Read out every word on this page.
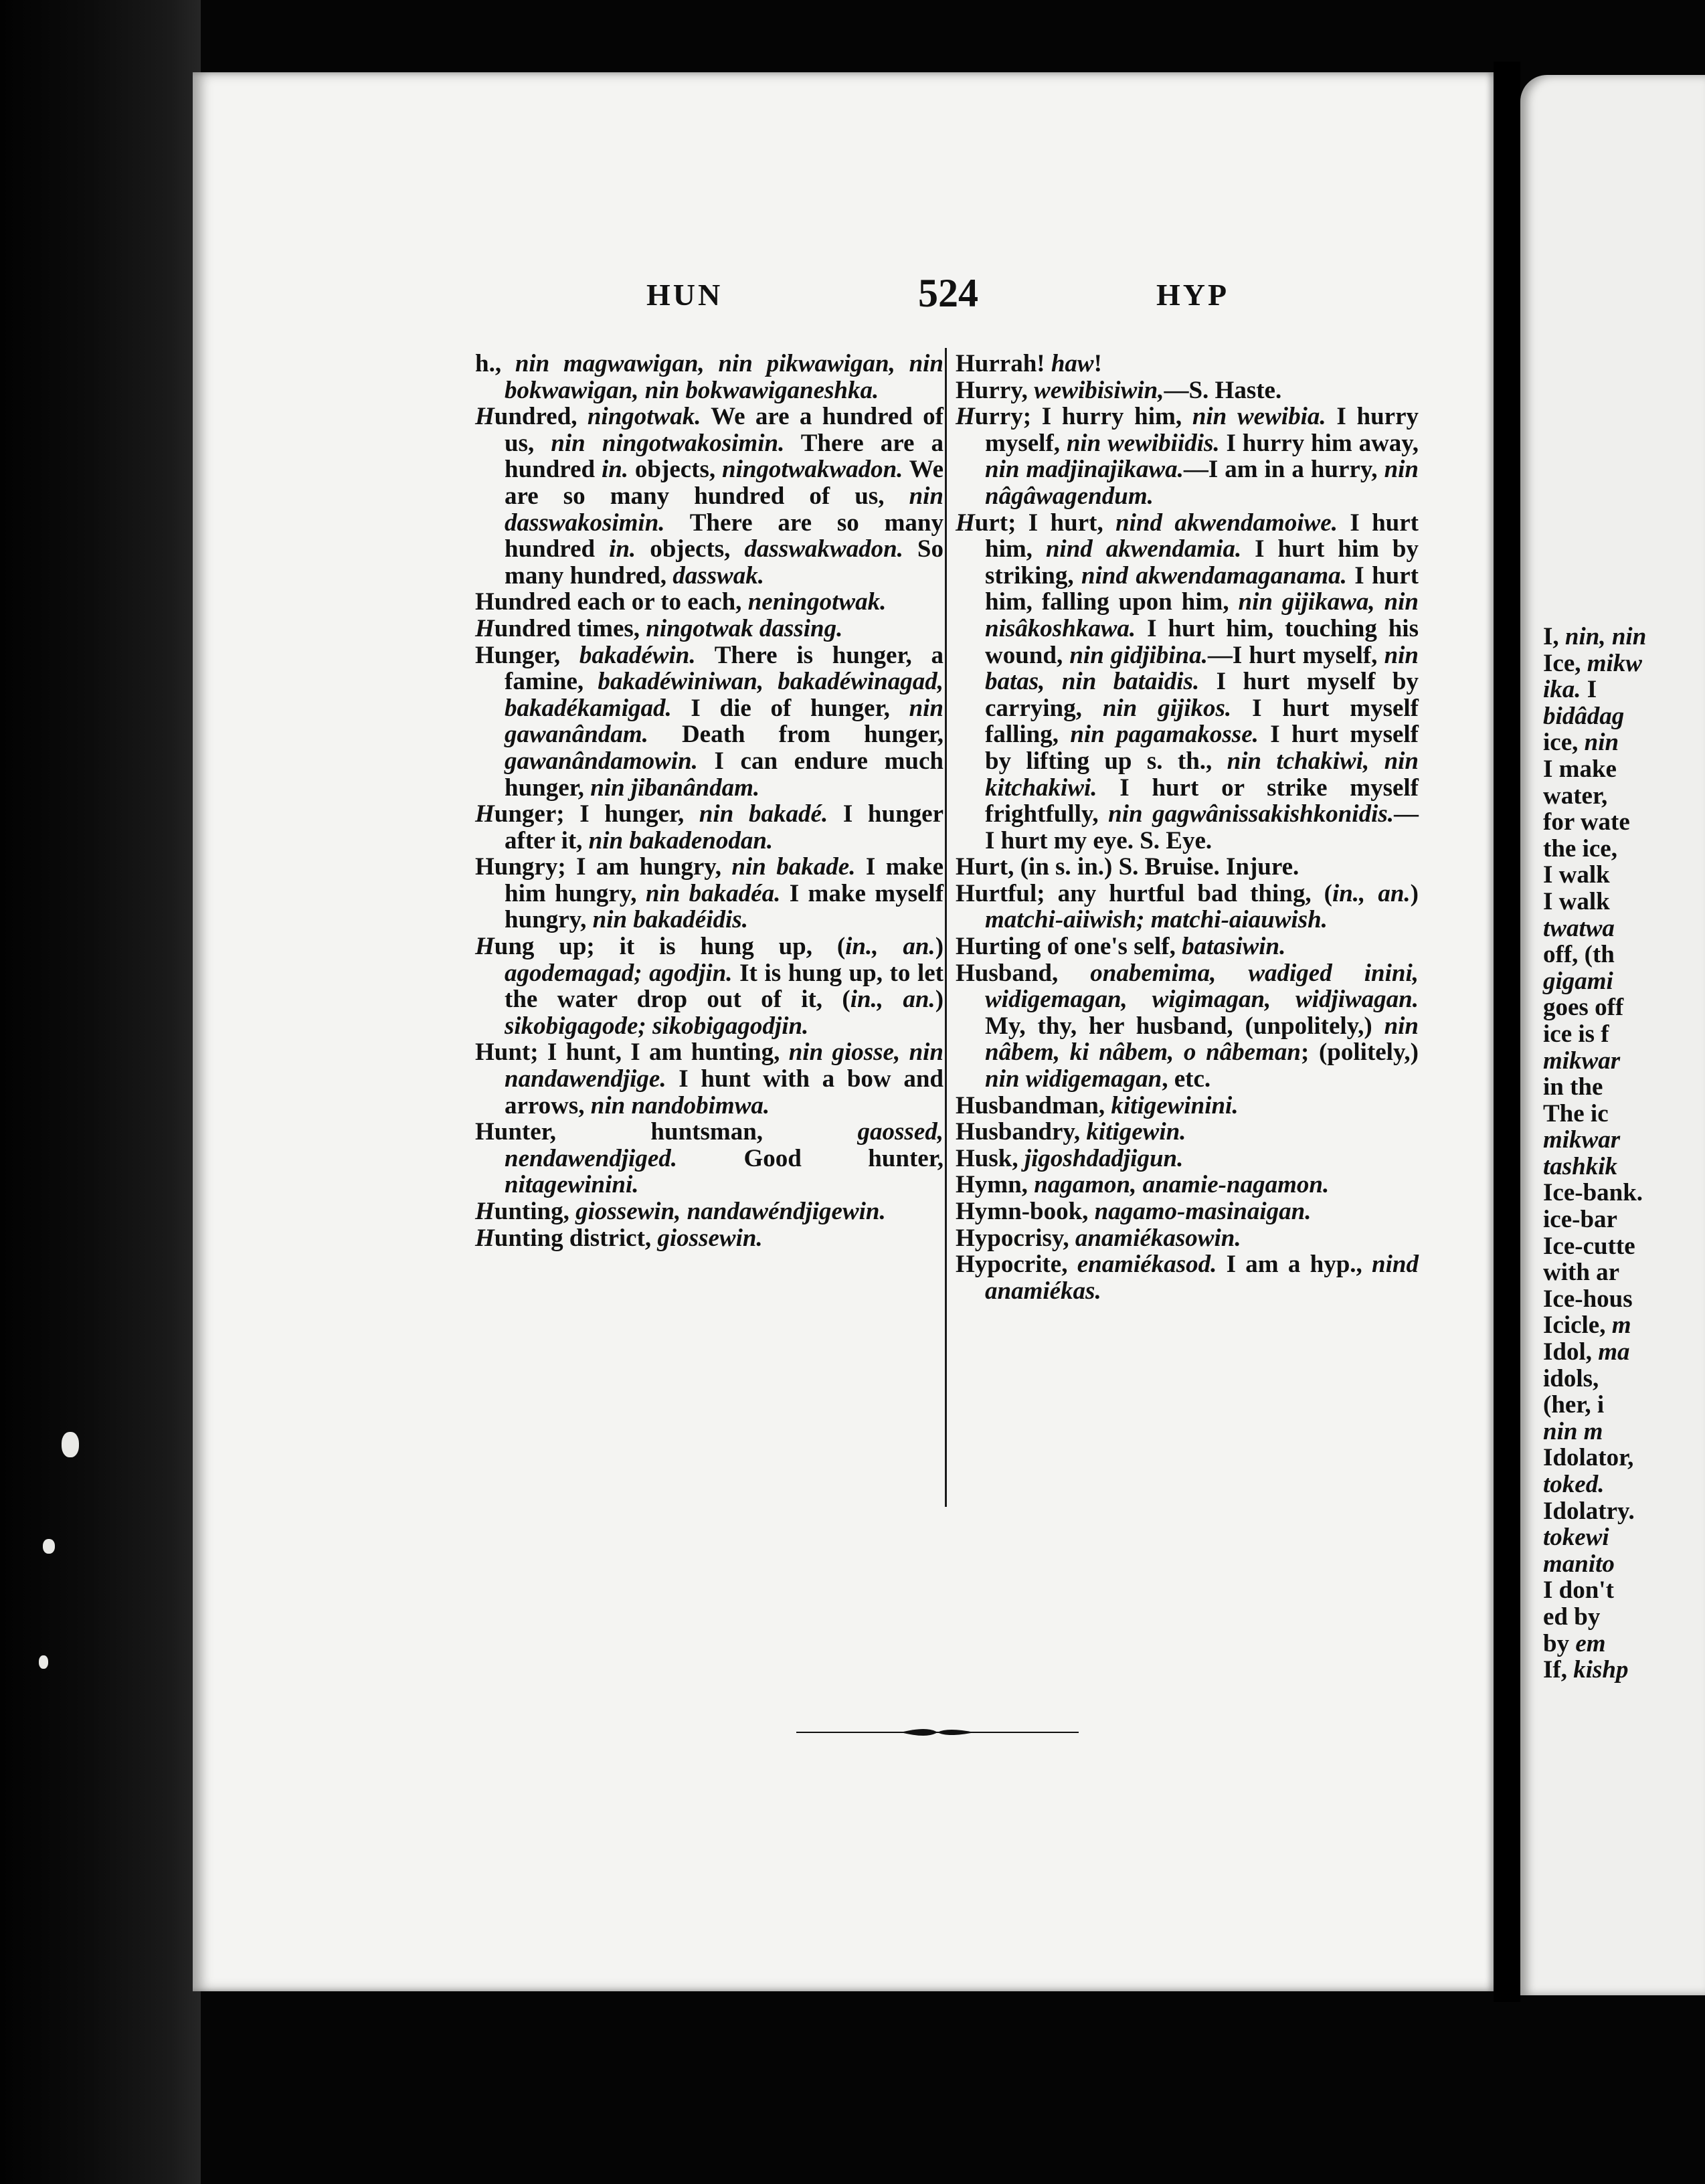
HUN	524	HYP

h., nin magwawigan, nin pikwawigan, nin bokwawigan, nin bokwawiganeshka.

Hundred, ningotwak. We are a hundred of us, nin ningotwakosimin. There are a hundred in. objects, ningotwakwadon. We are so many hundred of us, nin dasswakosimin. There are so many hundred in. objects, dasswakwadon. So many hundred, dasswak.

Hundred each or to each, neningotwak.

Hundred times, ningotwak dassing.

Hunger, bakadéwin. There is hunger, a famine, bakadéwiniwan, bakadéwinagad, bakadékamigad. I die of hunger, nin gawanândam. Death from hunger, gawanândamowin. I can endure much hunger, nin jibanândam.

Hunger; I hunger, nin bakadé. I hunger after it, nin bakadenodan.

Hungry; I am hungry, nin bakade. I make him hungry, nin bakadéa. I make myself hungry, nin bakadéidis.

Hung up; it is hung up, (in., an.) agodemagad; agodjin. It is hung up, to let the water drop out of it, (in., an.) sikobigagode; sikobigagodjin.

Hunt; I hunt, I am hunting, nin giosse, nin nandawendjige. I hunt with a bow and arrows, nin nandobimwa.

Hunter, huntsman, gaossed, nendawendjiged. Good hunter, nitagewinini.

Hunting, giossewin, nandawéndjigewin.

Hunting district, giossewin.

Hurrah! haw!

Hurry, wewibisiwin,—S. Haste.

Hurry; I hurry him, nin wewibia. I hurry myself, nin wewibiidis. I hurry him away, nin madjinajikawa.—I am in a hurry, nin nâgâwagendum.

Hurt; I hurt, nind akwendamoiwe. I hurt him, nind akwendamia. I hurt him by striking, nind akwendamaganama. I hurt him, falling upon him, nin gijikawa, nin nisâkoshkawa. I hurt him, touching his wound, nin gidjibina.—I hurt myself, nin batas, nin bataidis. I hurt myself by carrying, nin gijikos. I hurt myself falling, nin pagamakosse. I hurt myself by lifting up s. th., nin tchakiwi, nin kitchakiwi. I hurt or strike myself frightfully, nin gagwânissakishkonidis.—I hurt my eye. S. Eye.

Hurt, (in s. in.) S. Bruise. Injure.

Hurtful; any hurtful bad thing, (in., an.) matchi-aiiwish; matchi-aiauwish.

Hurting of one's self, batasiwin.

Husband, onabemima, wadiged inini, widigemagan, wigimagan, widjiwagan. My, thy, her husband, (unpolitely,) nin nâbem, ki nâbem, o nâbeman; (politely,) nin widigemagan, etc.

Husbandman, kitigewinini.

Husbandry, kitigewin.

Husk, jigoshdadjigun.

Hymn, nagamon, anamie-nagamon.

Hymn-book, nagamo-masinaigan.

Hypocrisy, anamiékasowin.

Hypocrite, enamiékasod. I am a hyp., nind anamiékas.

I, nin, nin

Ice, mikw

ika. I

bidâdag

ice, nin

I make

water,

for wate

the ice,

I walk

I walk

twatwa

off, (th

gigami

goes off

ice is f

mikwar

in the

The ic

mikwar

tashkik

Ice-bank.

ice-bar

Ice-cutte

with ar

Ice-hous

Icicle, m

Idol, ma

idols,

(her, i

nin m

Idolator,

toked.

Idolatry.

tokewi

manito

I don't

ed by

by em

If, kishp
